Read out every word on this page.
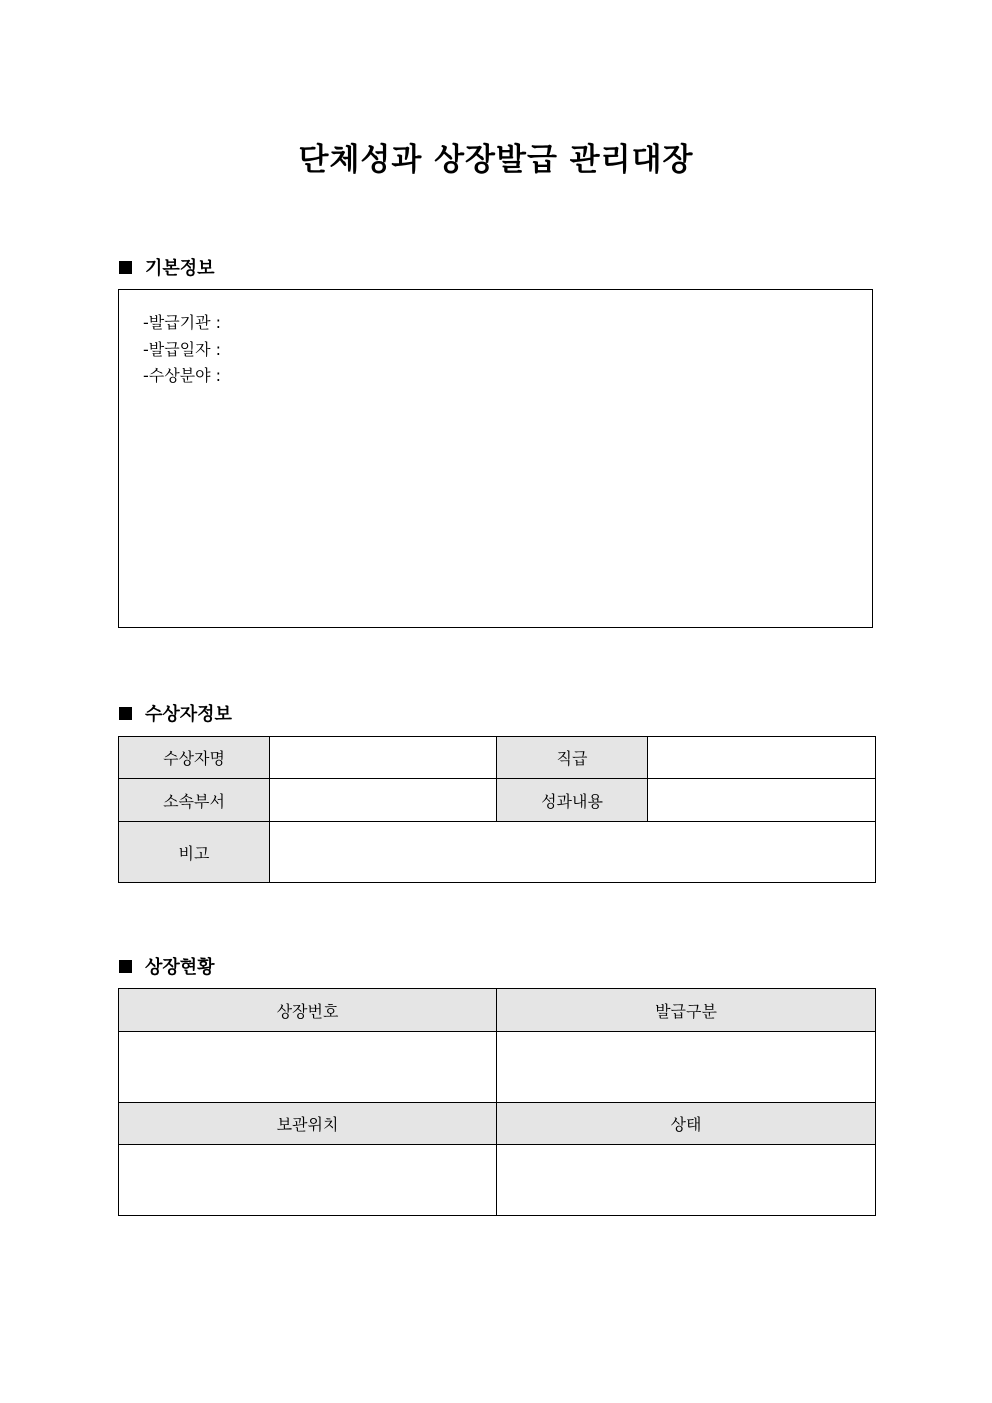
단체성과 상장발급 관리대장
기본정보
-발급기관 :
-발급일자 :
-수상분야 :
수상자정보
수상자명		직급	
소속부서		성과내용	
비고			
상장현황
상장번호	발급구분

보관위치	상태
